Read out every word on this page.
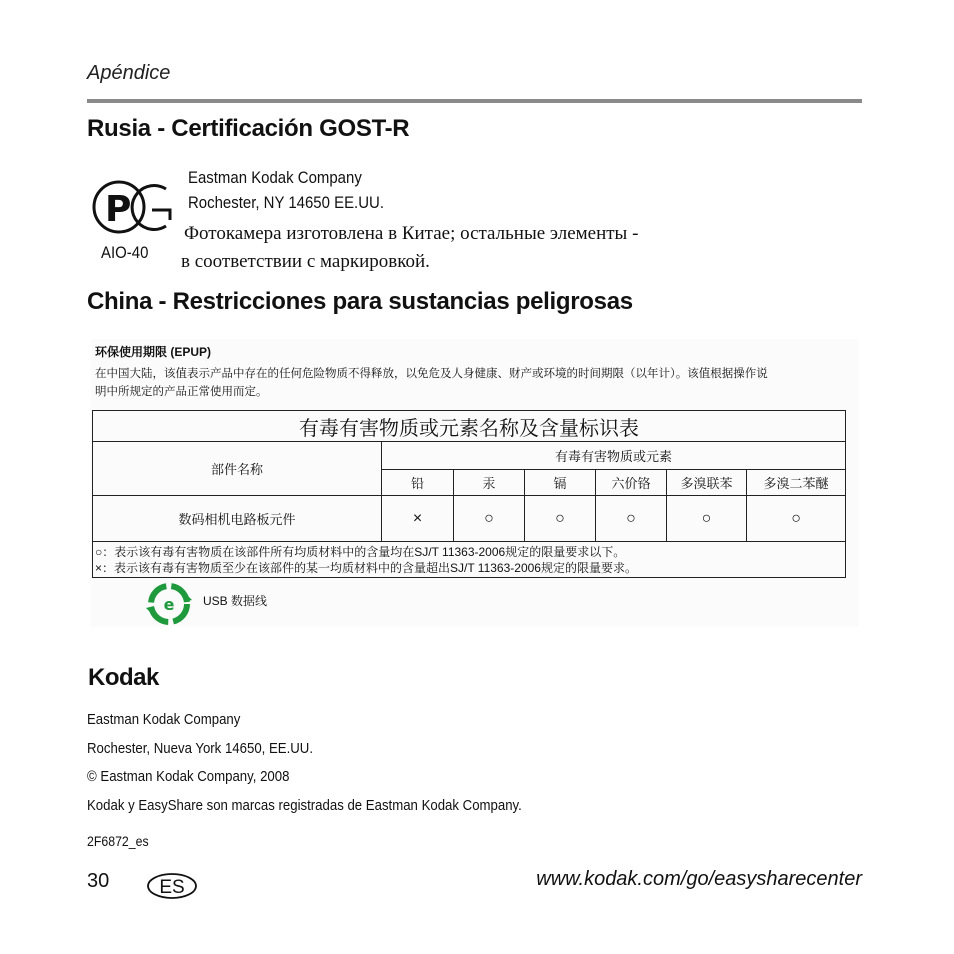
Apéndice
Rusia - Certificación GOST-R
P
AIO-40
Eastman Kodak Company
Rochester, NY 14650 EE.UU.
Фотокамера изготовлена в Китае; остальные элементы -
в соответствии с маркировкой.
China - Restricciones para sustancias peligrosas
环保使用期限 (EPUP)
在中国大陆，该值表示产品中存在的任何危险物质不得释放，以免危及人身健康、财产或环境的时间期限（以年计）。该值根据操作说
明中所规定的产品正常使用而定。
有毒有害物质或元素名称及含量标识表						
部件名称	有毒有害物质或元素					
	铅	汞	镉	六价铬	多溴联苯	多溴二苯醚
数码相机电路板元件	×	○	○	○	○	○

○：表示该有毒有害物质在该部件所有均质材料中的含量均在SJ/T 11363-2006规定的限量要求以下。
×：表示该有毒有害物质至少在该部件的某一均质材料中的含量超出SJ/T 11363-2006规定的限量要求。						
e USB 数据线
Kodak
Eastman Kodak Company
Rochester, Nueva York 14650, EE.UU.
© Eastman Kodak Company, 2008
Kodak y EasyShare son marcas registradas de Eastman Kodak Company.
2F6872_es
30	ES	www.kodak.com/go/easysharecenter
